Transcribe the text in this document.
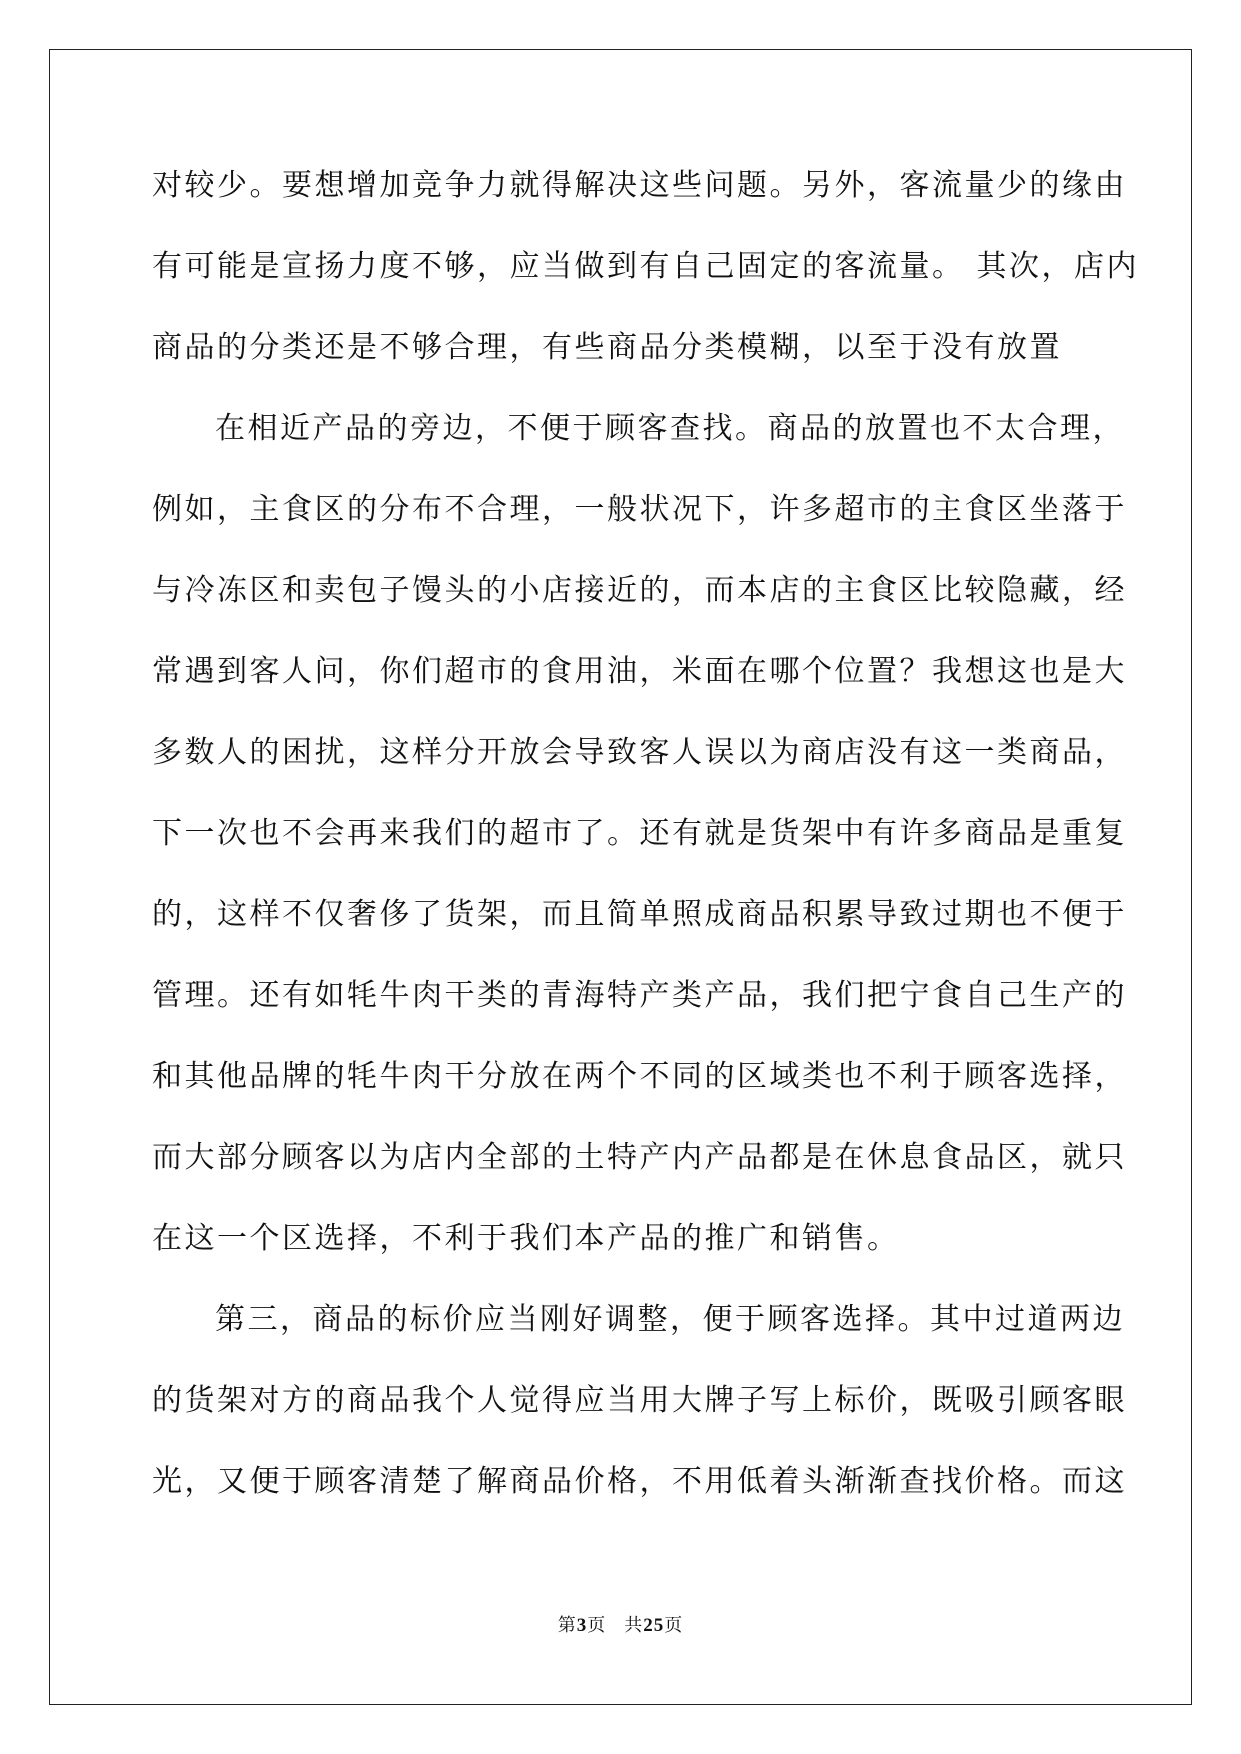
对较少。要想增加竞争力就得解决这些问题。另外，客流量少的缘由
有可能是宣扬力度不够，应当做到有自己固定的客流量。 其次，店内
商品的分类还是不够合理，有些商品分类模糊，以至于没有放置
在相近产品的旁边，不便于顾客查找。商品的放置也不太合理，
例如，主食区的分布不合理，一般状况下，许多超市的主食区坐落于
与冷冻区和卖包子馒头的小店接近的，而本店的主食区比较隐藏，经
常遇到客人问，你们超市的食用油，米面在哪个位置？我想这也是大
多数人的困扰，这样分开放会导致客人误以为商店没有这一类商品，
下一次也不会再来我们的超市了。还有就是货架中有许多商品是重复
的，这样不仅奢侈了货架，而且简单照成商品积累导致过期也不便于
管理。还有如牦牛肉干类的青海特产类产品，我们把宁食自己生产的
和其他品牌的牦牛肉干分放在两个不同的区域类也不利于顾客选择，
而大部分顾客以为店内全部的土特产内产品都是在休息食品区，就只
在这一个区选择，不利于我们本产品的推广和销售。
第三，商品的标价应当刚好调整，便于顾客选择。其中过道两边
的货架对方的商品我个人觉得应当用大牌子写上标价，既吸引顾客眼
光，又便于顾客清楚了解商品价格，不用低着头渐渐查找价格。而这
第3页 共25页
